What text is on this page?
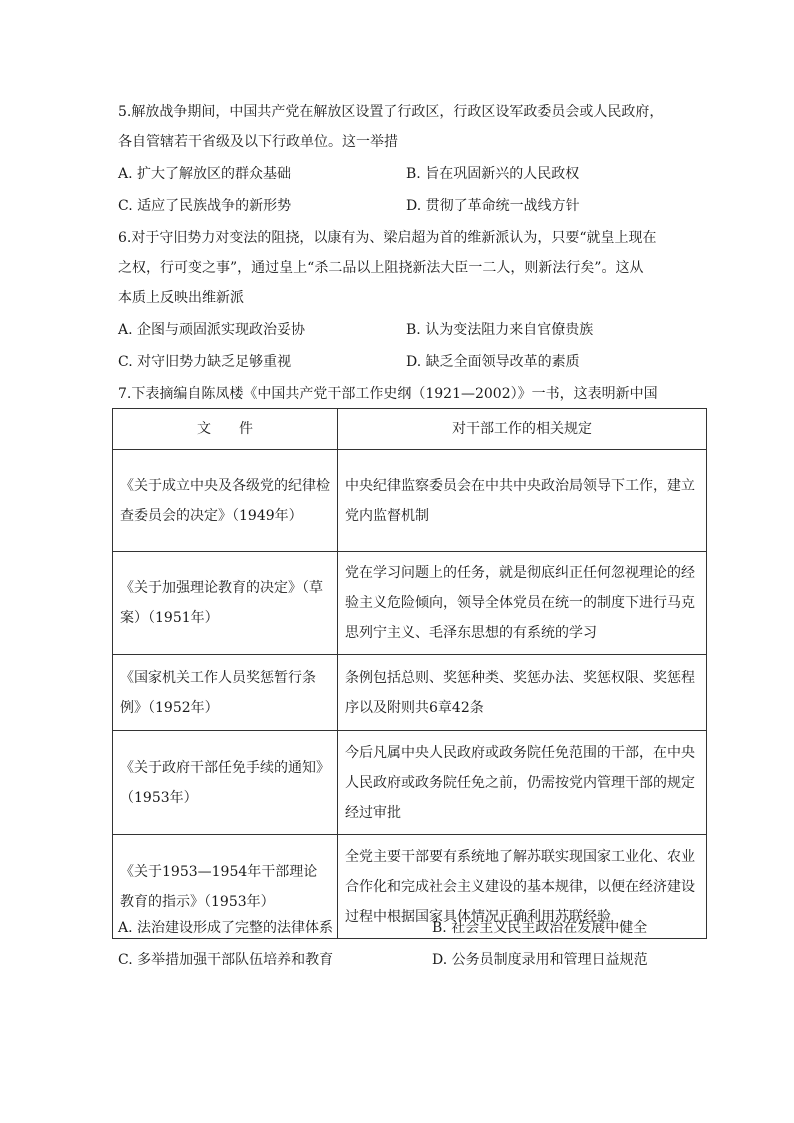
5.解放战争期间，中国共产党在解放区设置了行政区，行政区设军政委员会或人民政府，
各自管辖若干省级及以下行政单位。这一举措
A. 扩大了解放区的群众基础	B. 旨在巩固新兴的人民政权
C. 适应了民族战争的新形势	D. 贯彻了革命统一战线方针
6.对于守旧势力对变法的阻挠，以康有为、梁启超为首的维新派认为，只要“就皇上现在
之权，行可变之事”，通过皇上“杀二品以上阻挠新法大臣一二人，则新法行矣”。这从
本质上反映出维新派
A. 企图与顽固派实现政治妥协	B. 认为变法阻力来自官僚贵族
C. 对守旧势力缺乏足够重视	D. 缺乏全面领导改革的素质
7.下表摘编自陈凤楼《中国共产党干部工作史纲（1921—2002）》一书，这表明新中国
文　　件	对干部工作的相关规定
《关于成立中央及各级党的纪律检查委员会的决定》（1949年）	中央纪律监察委员会在中共中央政治局领导下工作，建立党内监督机制
《关于加强理论教育的决定》（草案）（1951年）	党在学习问题上的任务，就是彻底纠正任何忽视理论的经验主义危险倾向，领导全体党员在统一的制度下进行马克思列宁主义、毛泽东思想的有系统的学习
《国家机关工作人员奖惩暂行条例》（1952年）	条例包括总则、奖惩种类、奖惩办法、奖惩权限、奖惩程序以及附则共6章42条
《关于政府干部任免手续的通知》（1953年）	今后凡属中央人民政府或政务院任免范围的干部，在中央人民政府或政务院任免之前，仍需按党内管理干部的规定经过审批
《关于1953—1954年干部理论教育的指示》（1953年）	全党主要干部要有系统地了解苏联实现国家工业化、农业合作化和完成社会主义建设的基本规律，以便在经济建设过程中根据国家具体情况正确利用苏联经验
A. 法治建设形成了完整的法律体系	B. 社会主义民主政治在发展中健全
C. 多举措加强干部队伍培养和教育	D. 公务员制度录用和管理日益规范
